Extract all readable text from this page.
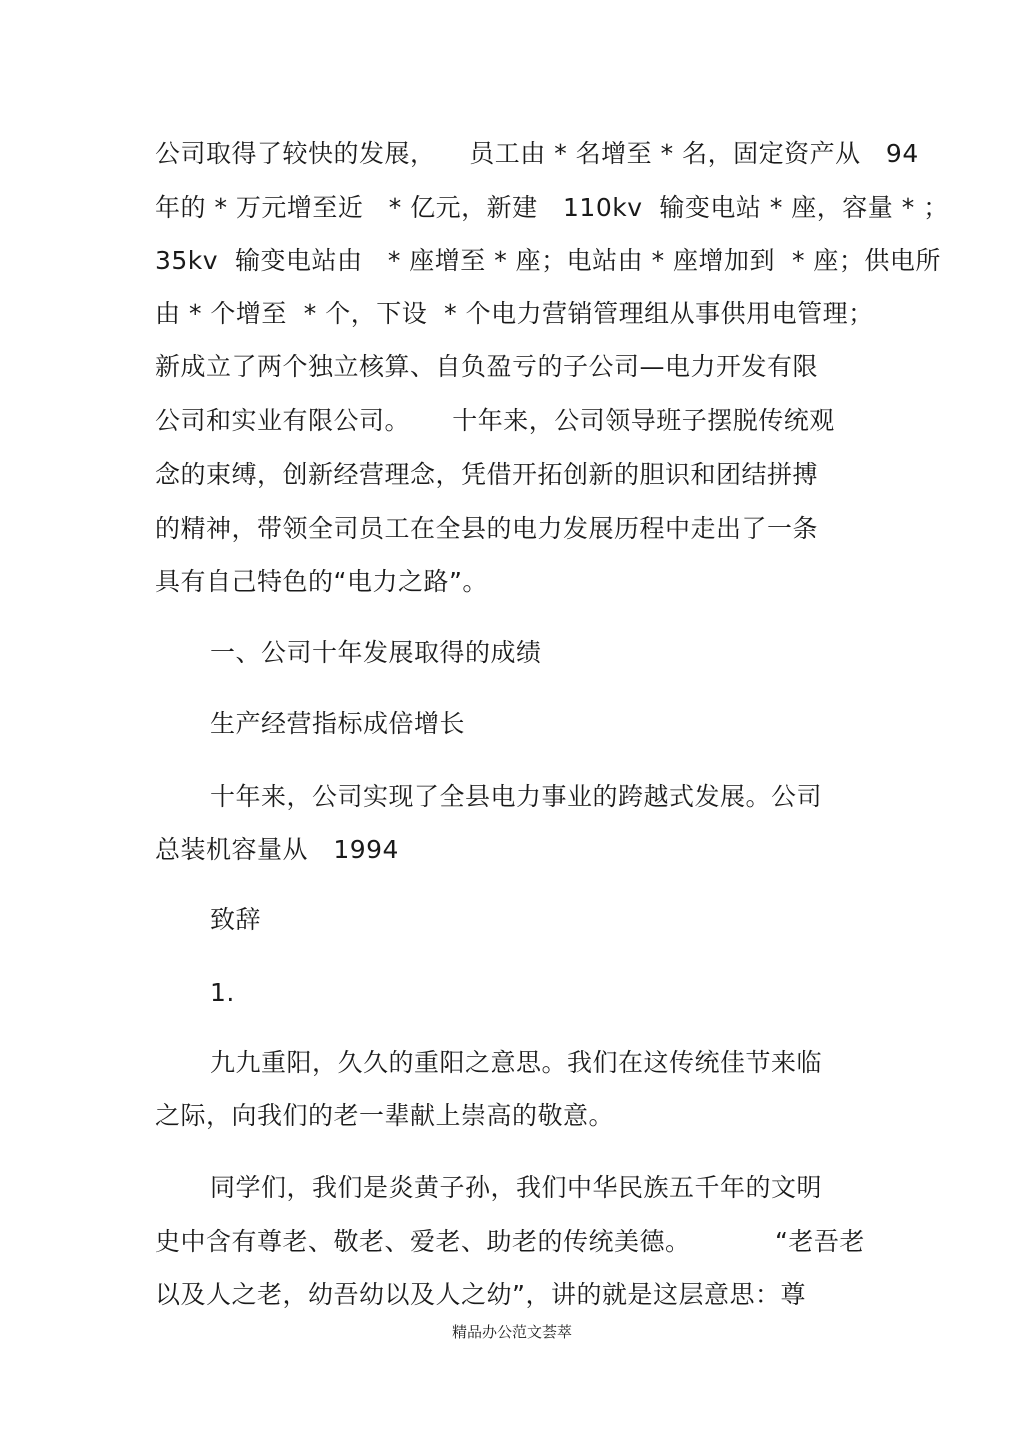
公司取得了较快的发展，    员工由 * 名增至 * 名，固定资产从   94
年的 * 万元增至近   * 亿元，新建   110kv  输变电站 * 座，容量 * ；
35kv  输变电站由   * 座增至 * 座；电站由 * 座增加到  * 座；供电所
由 * 个增至  * 个，下设  * 个电力营销管理组从事供用电管理；
新成立了两个独立核算、自负盈亏的子公司—电力开发有限
公司和实业有限公司。     十年来，公司领导班子摆脱传统观
念的束缚，创新经营理念，凭借开拓创新的胆识和团结拼搏
的精神，带领全司员工在全县的电力发展历程中走出了一条
具有自己特色的“电力之路”。
一、公司十年发展取得的成绩
生产经营指标成倍增长
十年来，公司实现了全县电力事业的跨越式发展。公司
总装机容量从   1994
致辞
1.
九九重阳，久久的重阳之意思。我们在这传统佳节来临
之际，向我们的老一辈献上崇高的敬意。
同学们，我们是炎黄子孙，我们中华民族五千年的文明
史中含有尊老、敬老、爱老、助老的传统美德。          “老吾老
以及人之老，幼吾幼以及人之幼”，讲的就是这层意思：尊
精品办公范文荟萃
